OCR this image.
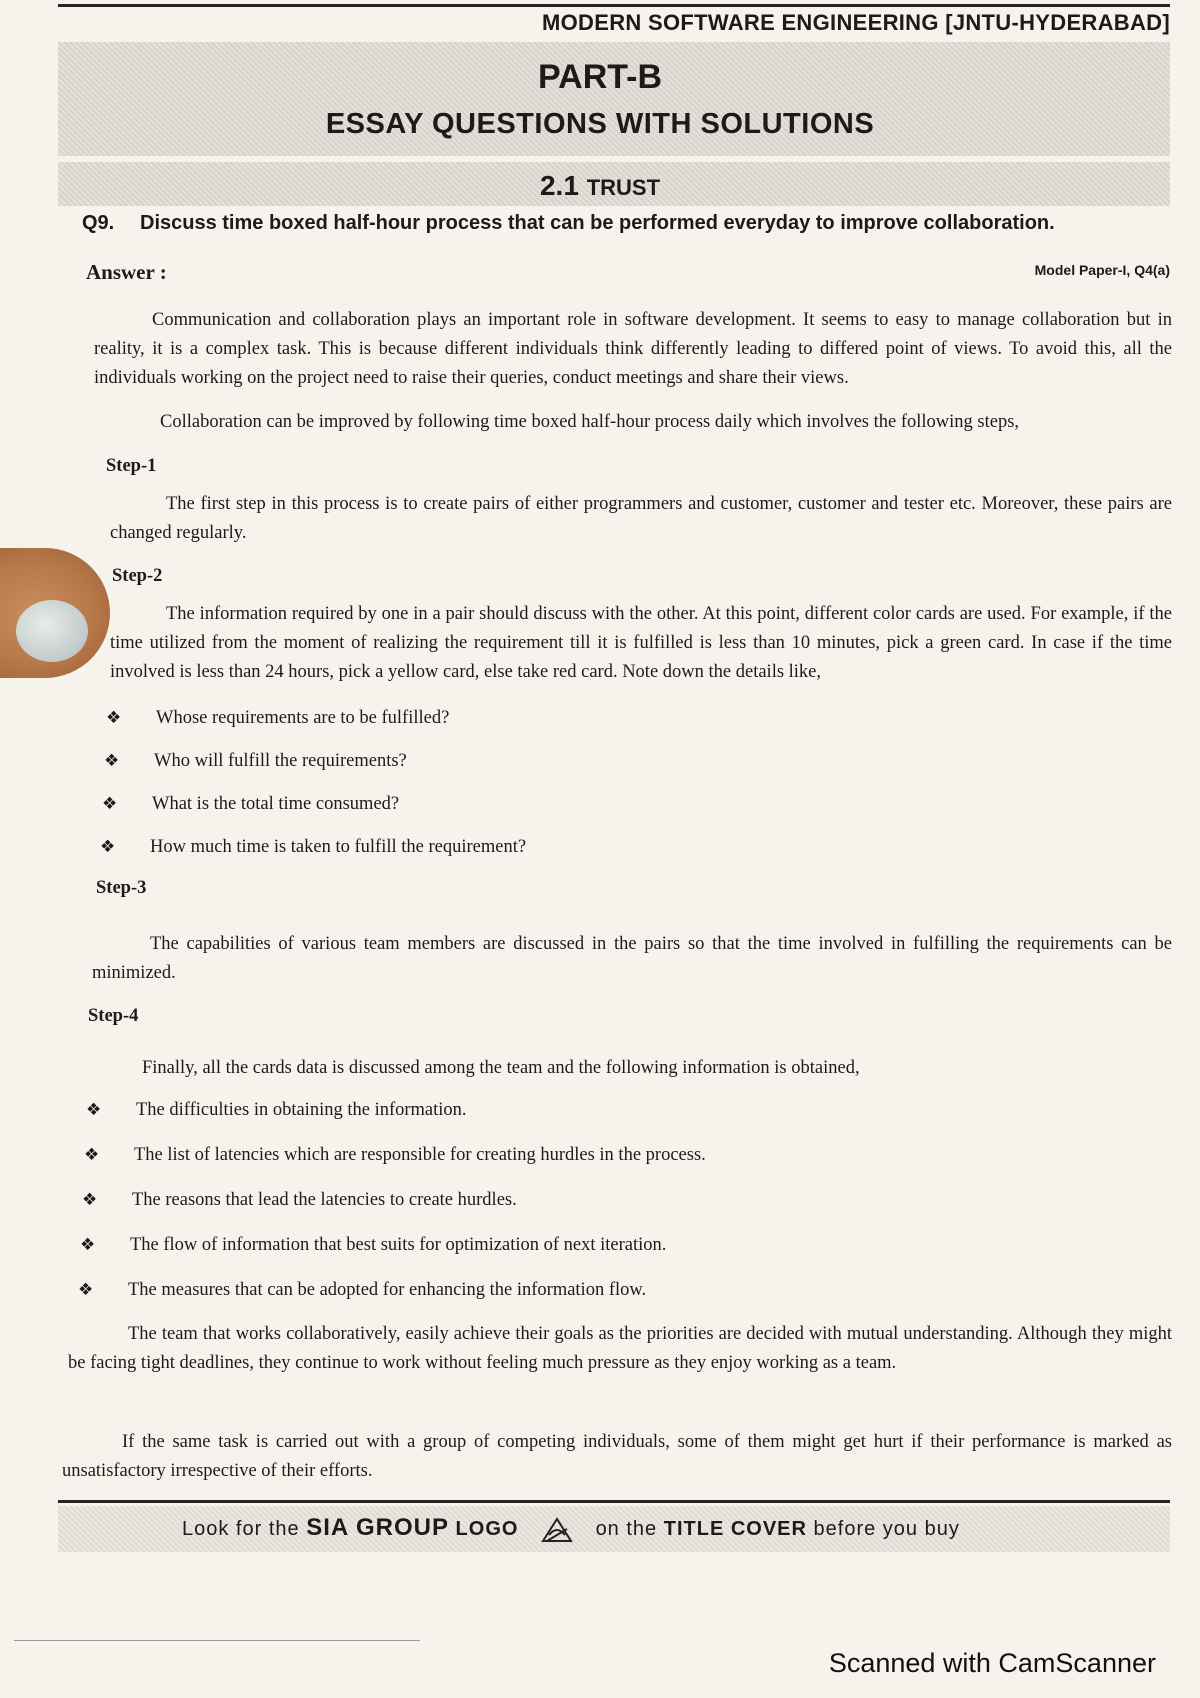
MODERN SOFTWARE ENGINEERING [JNTU-HYDERABAD]
PART-B
ESSAY QUESTIONS WITH SOLUTIONS
2.1 TRUST
Q9. Discuss time boxed half-hour process that can be performed everyday to improve collaboration.
Answer :	Model Paper-I, Q4(a)

Communication and collaboration plays an important role in software development. It seems to easy to manage collaboration but in reality, it is a complex task. This is because different individuals think differently leading to differed point of views. To avoid this, all the individuals working on the project need to raise their queries, conduct meetings and share their views.

Collaboration can be improved by following time boxed half-hour process daily which involves the following steps,

Step-1

The first step in this process is to create pairs of either programmers and customer, customer and tester etc. Moreover, these pairs are changed regularly.

Step-2

The information required by one in a pair should discuss with the other. At this point, different color cards are used. For example, if the time utilized from the moment of realizing the requirement till it is fulfilled is less than 10 minutes, pick a green card. In case if the time involved is less than 24 hours, pick a yellow card, else take red card. Note down the details like,

❖ Whose requirements are to be fulfilled?
❖ Who will fulfill the requirements?
❖ What is the total time consumed?
❖ How much time is taken to fulfill the requirement?
Step-3

The capabilities of various team members are discussed in the pairs so that the time involved in fulfilling the requirements can be minimized.

Step-4

Finally, all the cards data is discussed among the team and the following information is obtained,

❖ The difficulties in obtaining the information.
❖ The list of latencies which are responsible for creating hurdles in the process.
❖ The reasons that lead the latencies to create hurdles.
❖ The flow of information that best suits for optimization of next iteration.
❖ The measures that can be adopted for enhancing the information flow.

The team that works collaboratively, easily achieve their goals as the priorities are decided with mutual understanding. Although they might be facing tight deadlines, they continue to work without feeling much pressure as they enjoy working as a team.

If the same task is carried out with a group of competing individuals, some of them might get hurt if their performance is marked as unsatisfactory irrespective of their efforts.

Look for the SIA GROUP LOGO	on the TITLE COVER before you buy
Scanned with CamScanner
